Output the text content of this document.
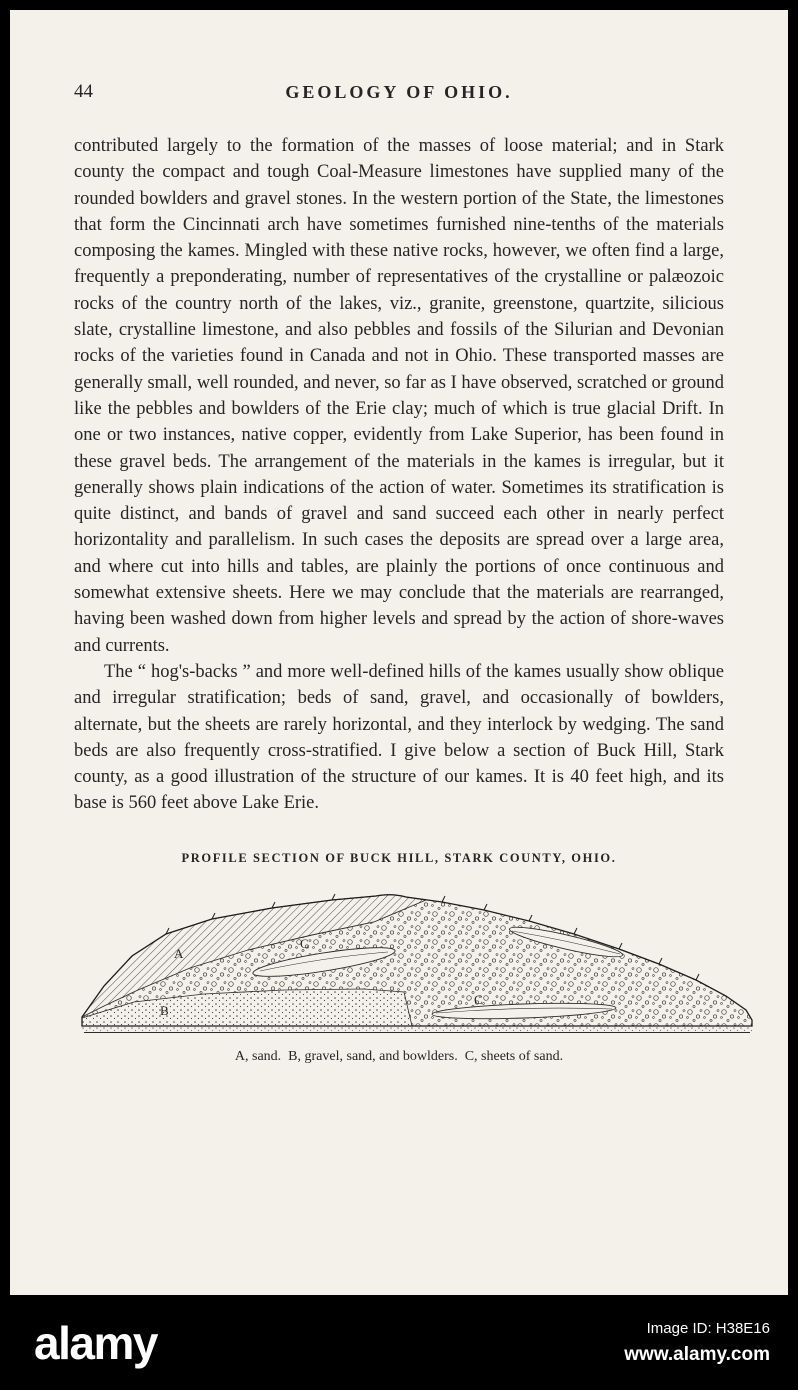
44	GEOLOGY OF OHIO.

contributed largely to the formation of the masses of loose material; and in Stark county the compact and tough Coal-Measure limestones have supplied many of the rounded bowlders and gravel stones. In the western portion of the State, the limestones that form the Cincinnati arch have sometimes furnished nine-tenths of the materials composing the kames. Mingled with these native rocks, however, we often find a large, frequently a preponderating, number of representatives of the crystalline or palæozoic rocks of the country north of the lakes, viz., granite, greenstone, quartzite, silicious slate, crystalline limestone, and also pebbles and fossils of the Silurian and Devonian rocks of the varieties found in Canada and not in Ohio. These transported masses are generally small, well rounded, and never, so far as I have observed, scratched or ground like the pebbles and bowlders of the Erie clay; much of which is true glacial Drift. In one or two instances, native copper, evidently from Lake Superior, has been found in these gravel beds. The arrangement of the materials in the kames is irregular, but it generally shows plain indications of the action of water. Sometimes its stratification is quite distinct, and bands of gravel and sand succeed each other in nearly perfect horizontality and parallelism. In such cases the deposits are spread over a large area, and where cut into hills and tables, are plainly the portions of once continuous and somewhat extensive sheets. Here we may conclude that the materials are rearranged, having been washed down from higher levels and spread by the action of shore-waves and currents.

The “ hog's-backs ” and more well-defined hills of the kames usually show oblique and irregular stratification; beds of sand, gravel, and occasionally of bowlders, alternate, but the sheets are rarely horizontal, and they interlock by wedging. The sand beds are also frequently cross-stratified. I give below a section of Buck Hill, Stark county, as a good illustration of the structure of our kames. It is 40 feet high, and its base is 560 feet above Lake Erie.

PROFILE SECTION OF BUCK HILL, STARK COUNTY, OHIO.
A
B
C
C
A, sand.  B, gravel, sand, and bowlders.  C, sheets of sand.
alamy	Image ID: H38E16
www.alamy.com
